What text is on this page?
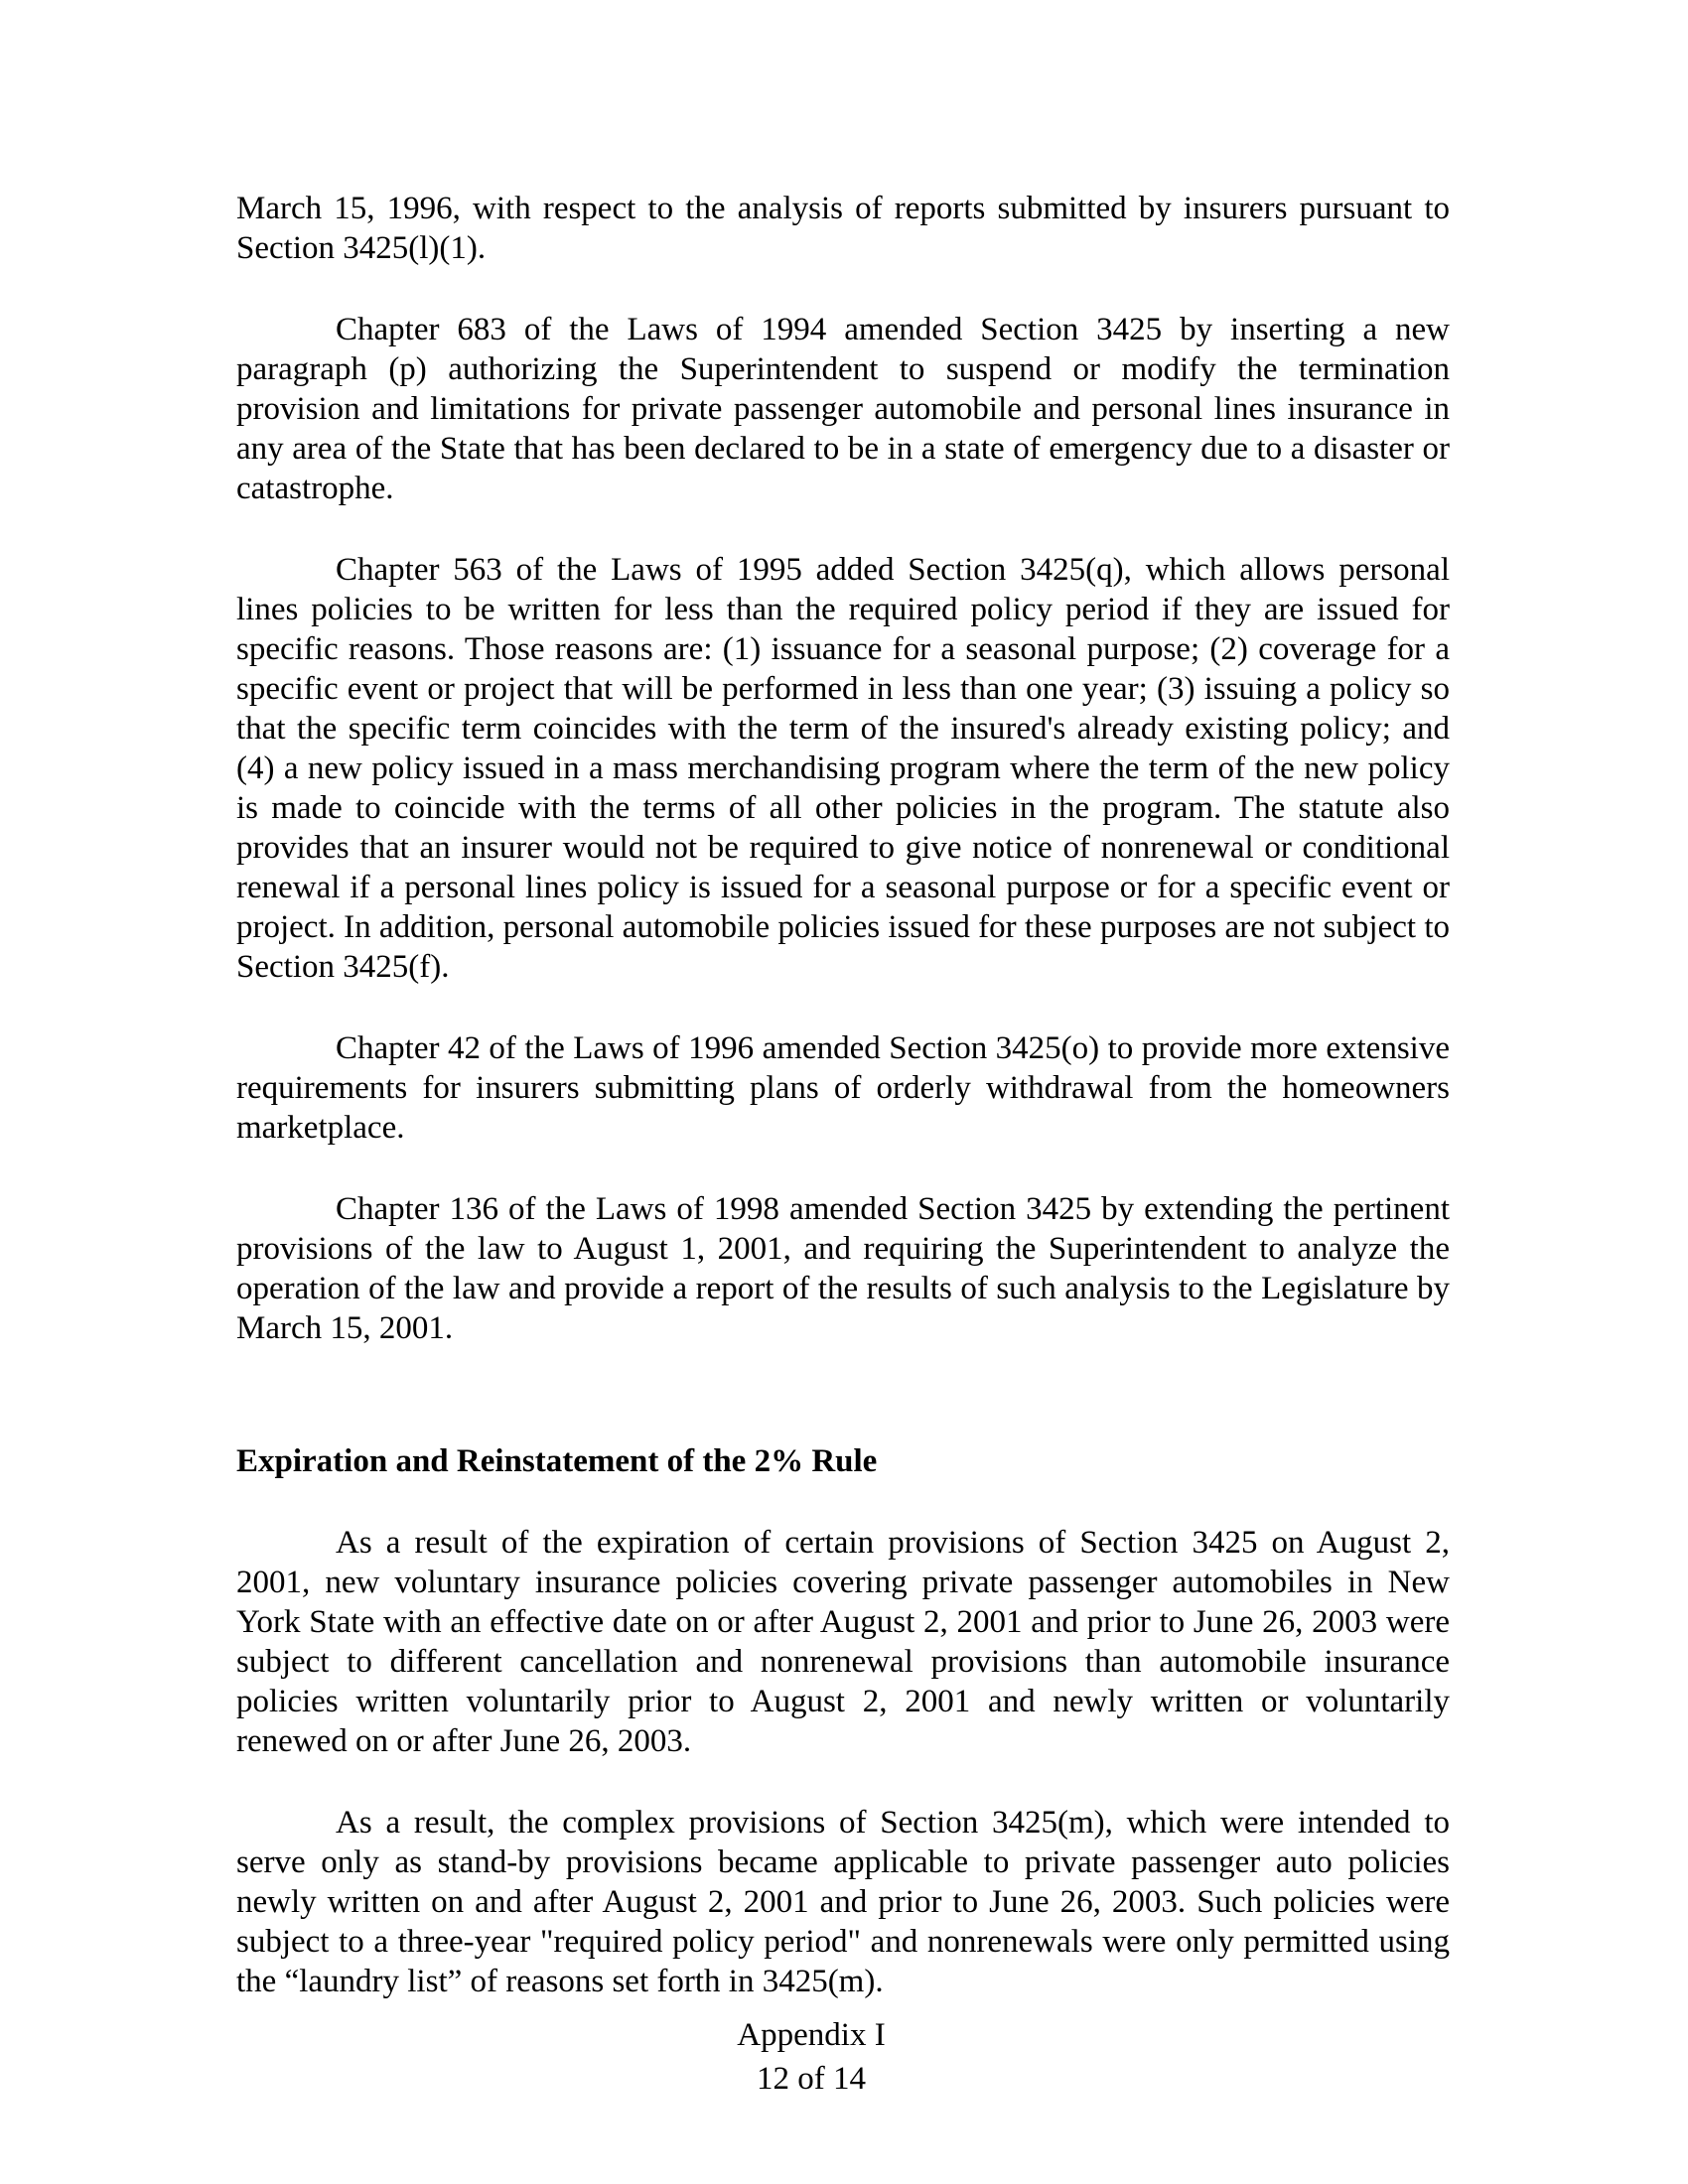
March 15, 1996, with respect to the analysis of reports submitted by insurers pursuant to Section 3425(l)(1).

Chapter 683 of the Laws of 1994 amended Section 3425 by inserting a new paragraph (p) authorizing the Superintendent to suspend or modify the termination provision and limitations for private passenger automobile and personal lines insurance in any area of the State that has been declared to be in a state of emergency due to a disaster or catastrophe.

Chapter 563 of the Laws of 1995 added Section 3425(q), which allows personal lines policies to be written for less than the required policy period if they are issued for specific reasons. Those reasons are: (1) issuance for a seasonal purpose; (2) coverage for a specific event or project that will be performed in less than one year; (3) issuing a policy so that the specific term coincides with the term of the insured's already existing policy; and (4) a new policy issued in a mass merchandising program where the term of the new policy is made to coincide with the terms of all other policies in the program. The statute also provides that an insurer would not be required to give notice of nonrenewal or conditional renewal if a personal lines policy is issued for a seasonal purpose or for a specific event or project. In addition, personal automobile policies issued for these purposes are not subject to Section 3425(f).

Chapter 42 of the Laws of 1996 amended Section 3425(o) to provide more extensive requirements for insurers submitting plans of orderly withdrawal from the homeowners marketplace.

Chapter 136 of the Laws of 1998 amended Section 3425 by extending the pertinent provisions of the law to August 1, 2001, and requiring the Superintendent to analyze the operation of the law and provide a report of the results of such analysis to the Legislature by March 15, 2001.

Expiration and Reinstatement of the 2% Rule

As a result of the expiration of certain provisions of Section 3425 on August 2, 2001, new voluntary insurance policies covering private passenger automobiles in New York State with an effective date on or after August 2, 2001 and prior to June 26, 2003 were subject to different cancellation and nonrenewal provisions than automobile insurance policies written voluntarily prior to August 2, 2001 and newly written or voluntarily renewed on or after June 26, 2003.

As a result, the complex provisions of Section 3425(m), which were intended to serve only as stand-by provisions became applicable to private passenger auto policies newly written on and after August 2, 2001 and prior to June 26, 2003. Such policies were subject to a three-year "required policy period" and nonrenewals were only permitted using the “laundry list” of reasons set forth in 3425(m).

Appendix I
12 of 14
